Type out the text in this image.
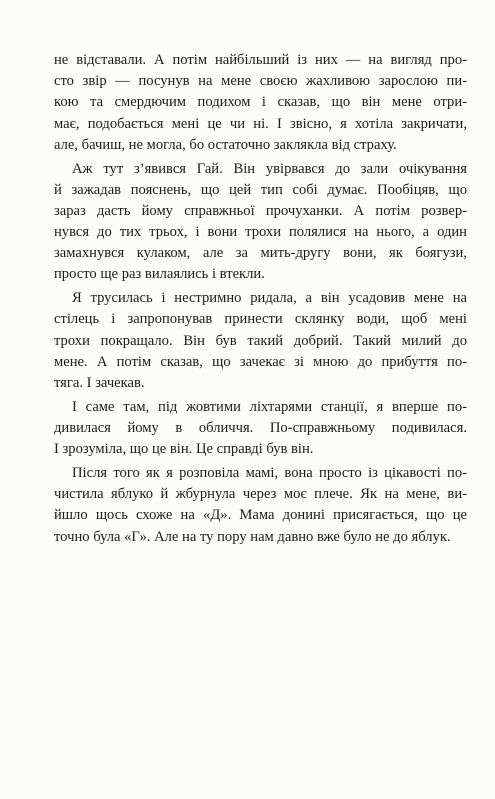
не відставали. А потім найбільший із них — на вигляд про-
сто звір — посунув на мене своєю жахливою зарослою пи-
кою та смердючим подихом і сказав, що він мене отри-
має, подобається мені це чи ні. І звісно, я хотіла закричати,
але, бачиш, не могла, бо остаточно заклякла від страху.
Аж тут з’явився Гай. Він увірвався до зали очікування
й зажадав пояснень, що цей тип собі думає. Пообіцяв, що
зараз дасть йому справжньої прочуханки. А потім розвер-
нувся до тих трьох, і вони трохи полялися на нього, а один
замахнувся кулаком, але за мить-другу вони, як боягузи,
просто ще раз вилаялись і втекли.
Я трусилась і нестримно ридала, а він усадовив мене на
стілець і запропонував принести склянку води, щоб мені
трохи покращало. Він був такий добрий. Такий милий до
мене. А потім сказав, що зачекає зі мною до прибуття по-
тяга. І зачекав.
І саме там, під жовтими ліхтарями станції, я вперше по-
дивилася йому в обличчя. По-справжньому подивилася.
І зрозуміла, що це він. Це справді був він.
Після того як я розповіла мамі, вона просто із цікавості по-
чистила яблуко й жбурнула через моє плече. Як на мене, ви-
йшло щось схоже на «Д». Мама донині присягається, що це
точно була «Г». Але на ту пору нам давно вже було не до яблук.
